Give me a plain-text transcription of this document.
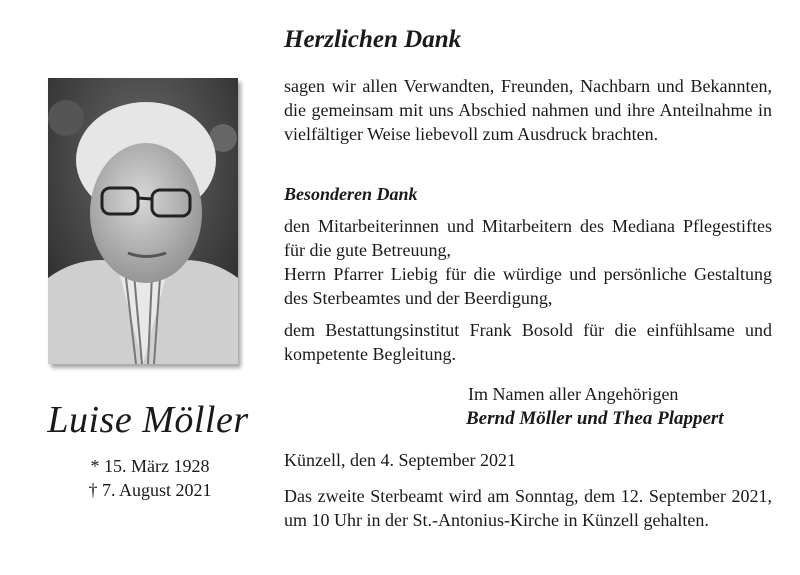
Luise Möller
* 15. März 1928
† 7. August 2021
Herzlichen Dank
sagen wir allen Verwandten, Freunden, Nachbarn und Bekannten, die gemeinsam mit uns Abschied nahmen und ihre Anteilnahme in vielfältiger Weise liebevoll zum Ausdruck brachten.
Besonderen Dank
den Mitarbeiterinnen und Mitarbeitern des Mediana Pflegestiftes für die gute Betreuung,
Herrn Pfarrer Liebig für die würdige und persönliche Gestaltung des Sterbeamtes und der Beerdigung,
dem Bestattungsinstitut Frank Bosold für die einfühlsame und kompetente Begleitung.
Im Namen aller Angehörigen
Bernd Möller und Thea Plappert
Künzell, den 4. September 2021
Das zweite Sterbeamt wird am Sonntag, dem 12. September 2021, um 10 Uhr in der St.-Antonius-Kirche in Künzell gehalten.
